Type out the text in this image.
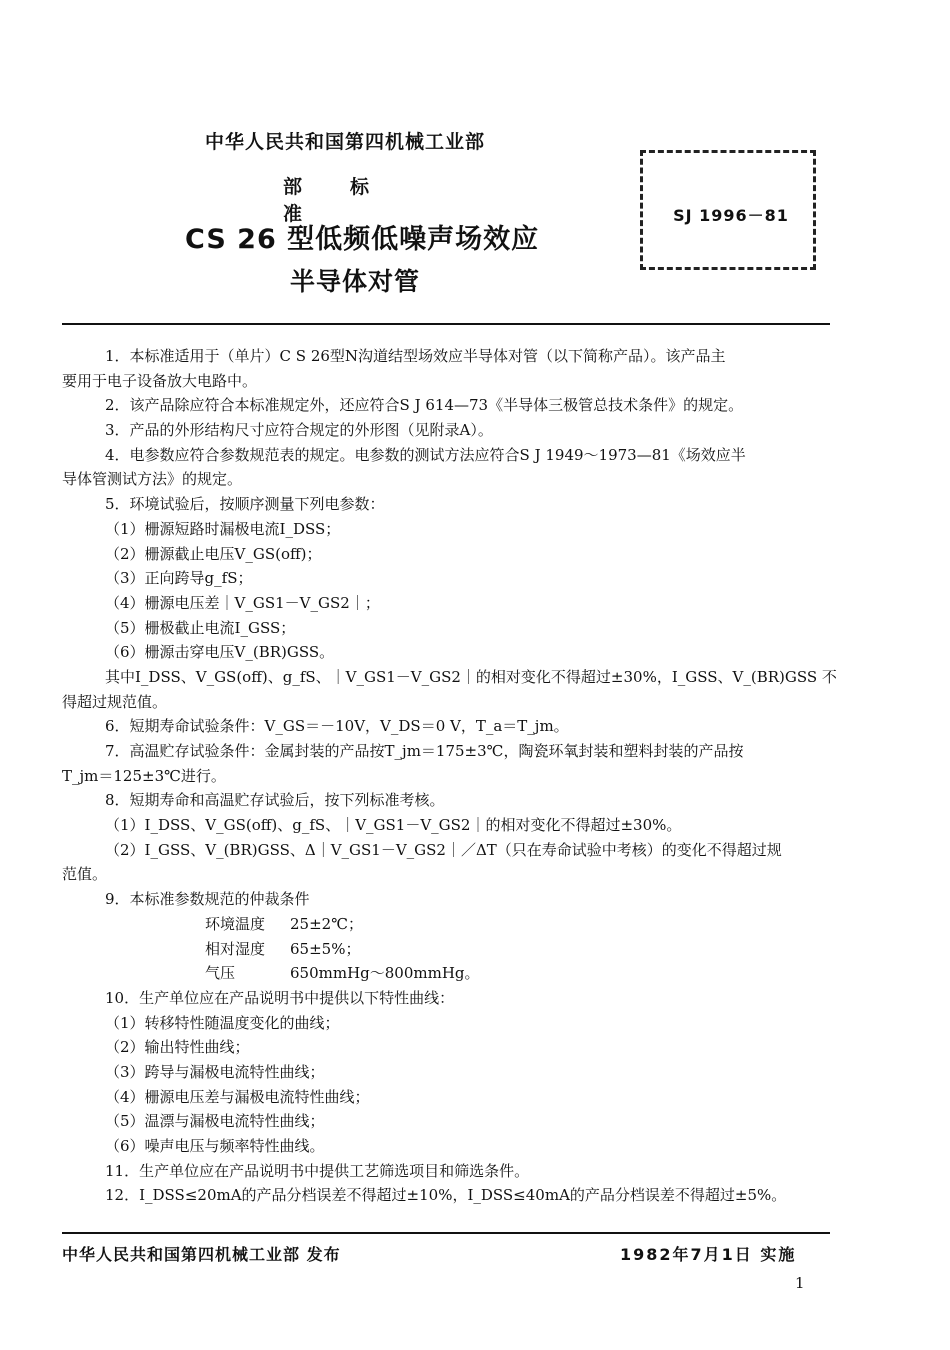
中华人民共和国第四机械工业部
部标准
CS 26 型低频低噪声场效应
半导体对管
SJ 1996－81
1．本标准适用于（单片）C S 26型N沟道结型场效应半导体对管（以下简称产品）。该产品主
要用于电子设备放大电路中。
2．该产品除应符合本标准规定外，还应符合S J 614—73《半导体三极管总技术条件》的规定。
3．产品的外形结构尺寸应符合规定的外形图（见附录A）。
4．电参数应符合参数规范表的规定。电参数的测试方法应符合S J 1949～1973—81《场效应半
导体管测试方法》的规定。
5．环境试验后，按顺序测量下列电参数：
（1）栅源短路时漏极电流I_DSS；
（2）栅源截止电压V_GS(off)；
（3）正向跨导g_fS；
（4）栅源电压差｜V_GS1－V_GS2｜；
（5）栅极截止电流I_GSS；
（6）栅源击穿电压V_(BR)GSS。
其中I_DSS、V_GS(off)、g_fS、｜V_GS1－V_GS2｜的相对变化不得超过±30%，I_GSS、V_(BR)GSS 不
得超过规范值。
6．短期寿命试验条件：V_GS＝－10V，V_DS＝0 V，T_a＝T_jm。
7．高温贮存试验条件：金属封装的产品按T_jm＝175±3℃，陶瓷环氧封装和塑料封装的产品按
T_jm＝125±3℃进行。
8．短期寿命和高温贮存试验后，按下列标准考核。
（1）I_DSS、V_GS(off)、g_fS、｜V_GS1－V_GS2｜的相对变化不得超过±30%。
（2）I_GSS、V_(BR)GSS、Δ｜V_GS1－V_GS2｜／ΔT（只在寿命试验中考核）的变化不得超过规
范值。
9．本标准参数规范的仲裁条件
环境温度 25±2℃；
相对湿度 65±5%；
气压	650mmHg～800mmHg。
10．生产单位应在产品说明书中提供以下特性曲线：
（1）转移特性随温度变化的曲线；
（2）输出特性曲线；
（3）跨导与漏极电流特性曲线；
（4）栅源电压差与漏极电流特性曲线；
（5）温漂与漏极电流特性曲线；
（6）噪声电压与频率特性曲线。
11．生产单位应在产品说明书中提供工艺筛选项目和筛选条件。
12．I_DSS≤20mA的产品分档误差不得超过±10%，I_DSS≤40mA的产品分档误差不得超过±5%。
中华人民共和国第四机械工业部 发布	1982年7月1日 实施
1
